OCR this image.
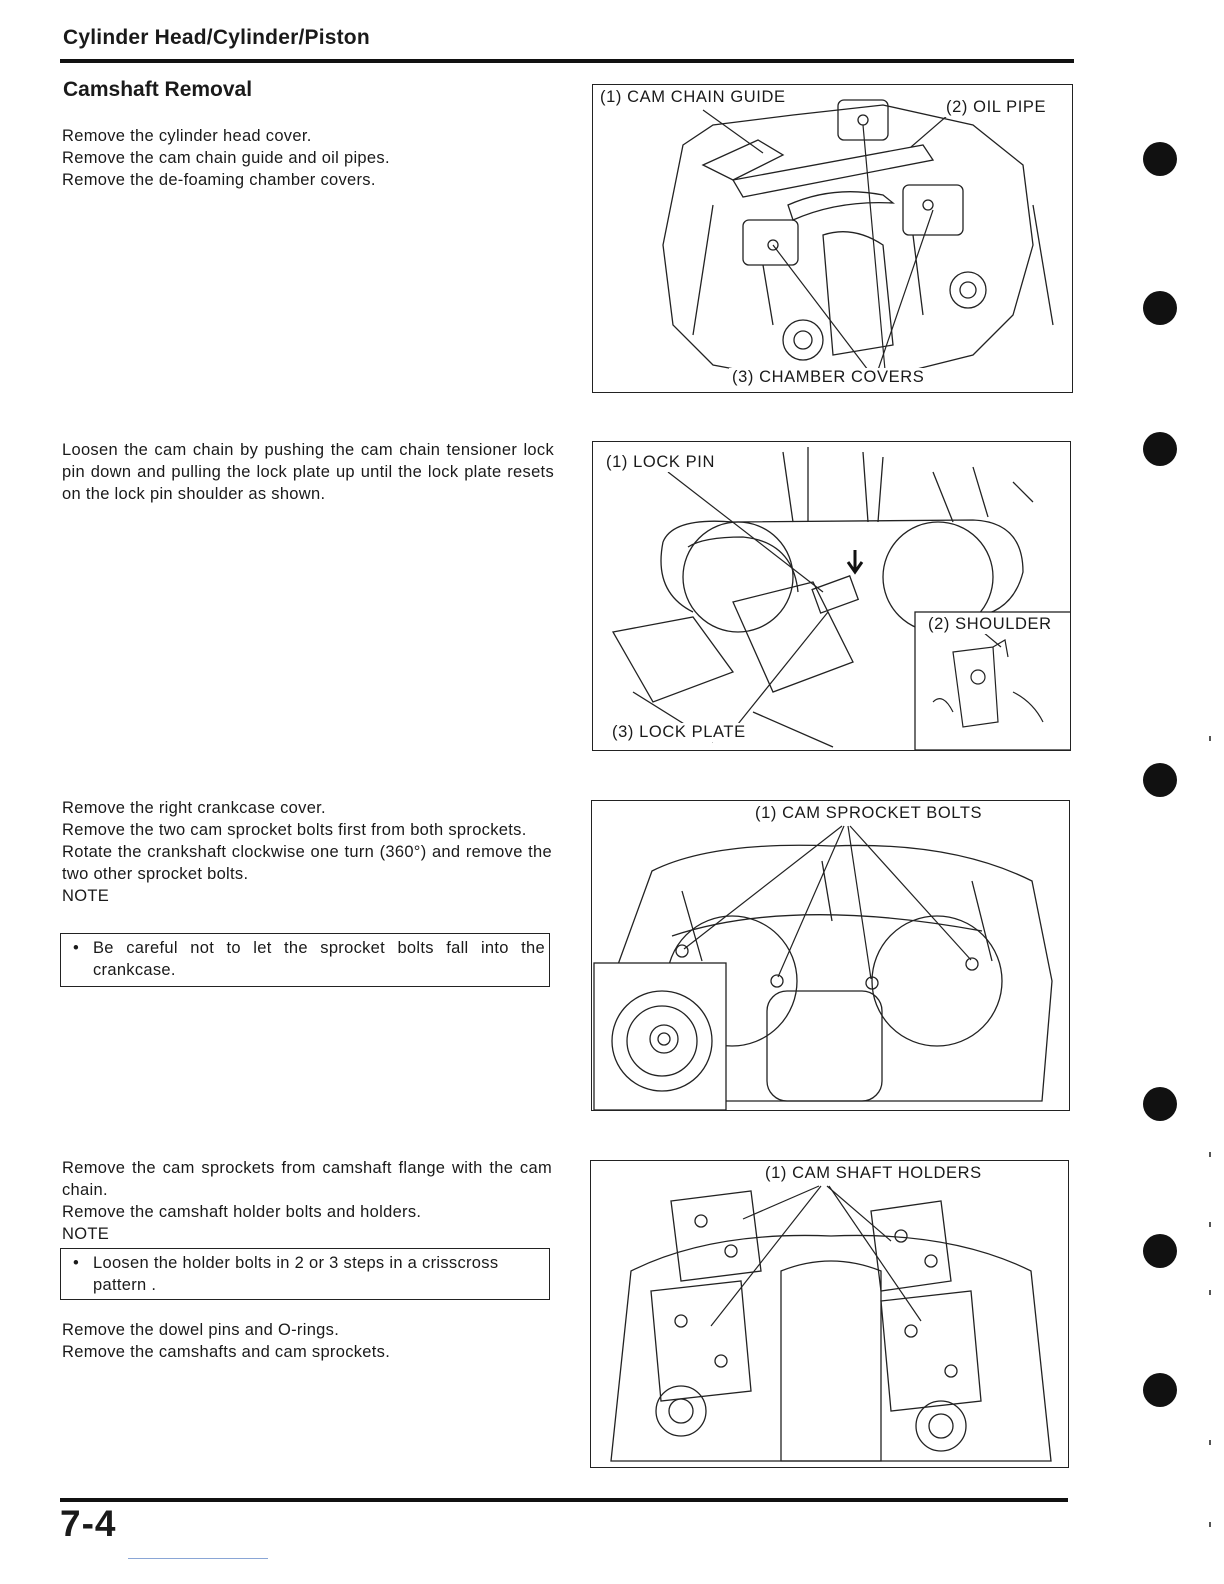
Cylinder Head/Cylinder/Piston
Camshaft Removal

Remove the cylinder head cover.

Remove the cam chain guide and oil pipes.

Remove the de-foaming chamber covers.

Loosen the cam chain by pushing the cam chain tensioner lock pin down and pulling the lock plate up until the lock plate resets on the lock pin shoulder as shown.

Remove the right crankcase cover.

Remove the two cam sprocket bolts first from both sprockets.

Rotate the crankshaft clockwise one turn (360°) and remove the two other sprocket bolts.

NOTE

• Be careful not to let the sprocket bolts fall into the crankcase.

Remove the cam sprockets from camshaft flange with the cam chain.

Remove the camshaft holder bolts and holders.

NOTE

• Loosen the holder bolts in 2 or 3 steps in a crisscross pattern .

Remove the dowel pins and O-rings.

Remove the camshafts and cam sprockets.

(1) CAM CHAIN GUIDE
(2) OIL PIPE
(3) CHAMBER COVERS
(1) LOCK PIN
(2) SHOULDER
(3) LOCK PLATE
(1) CAM SPROCKET BOLTS
(1) CAM SHAFT HOLDERS
7-4
